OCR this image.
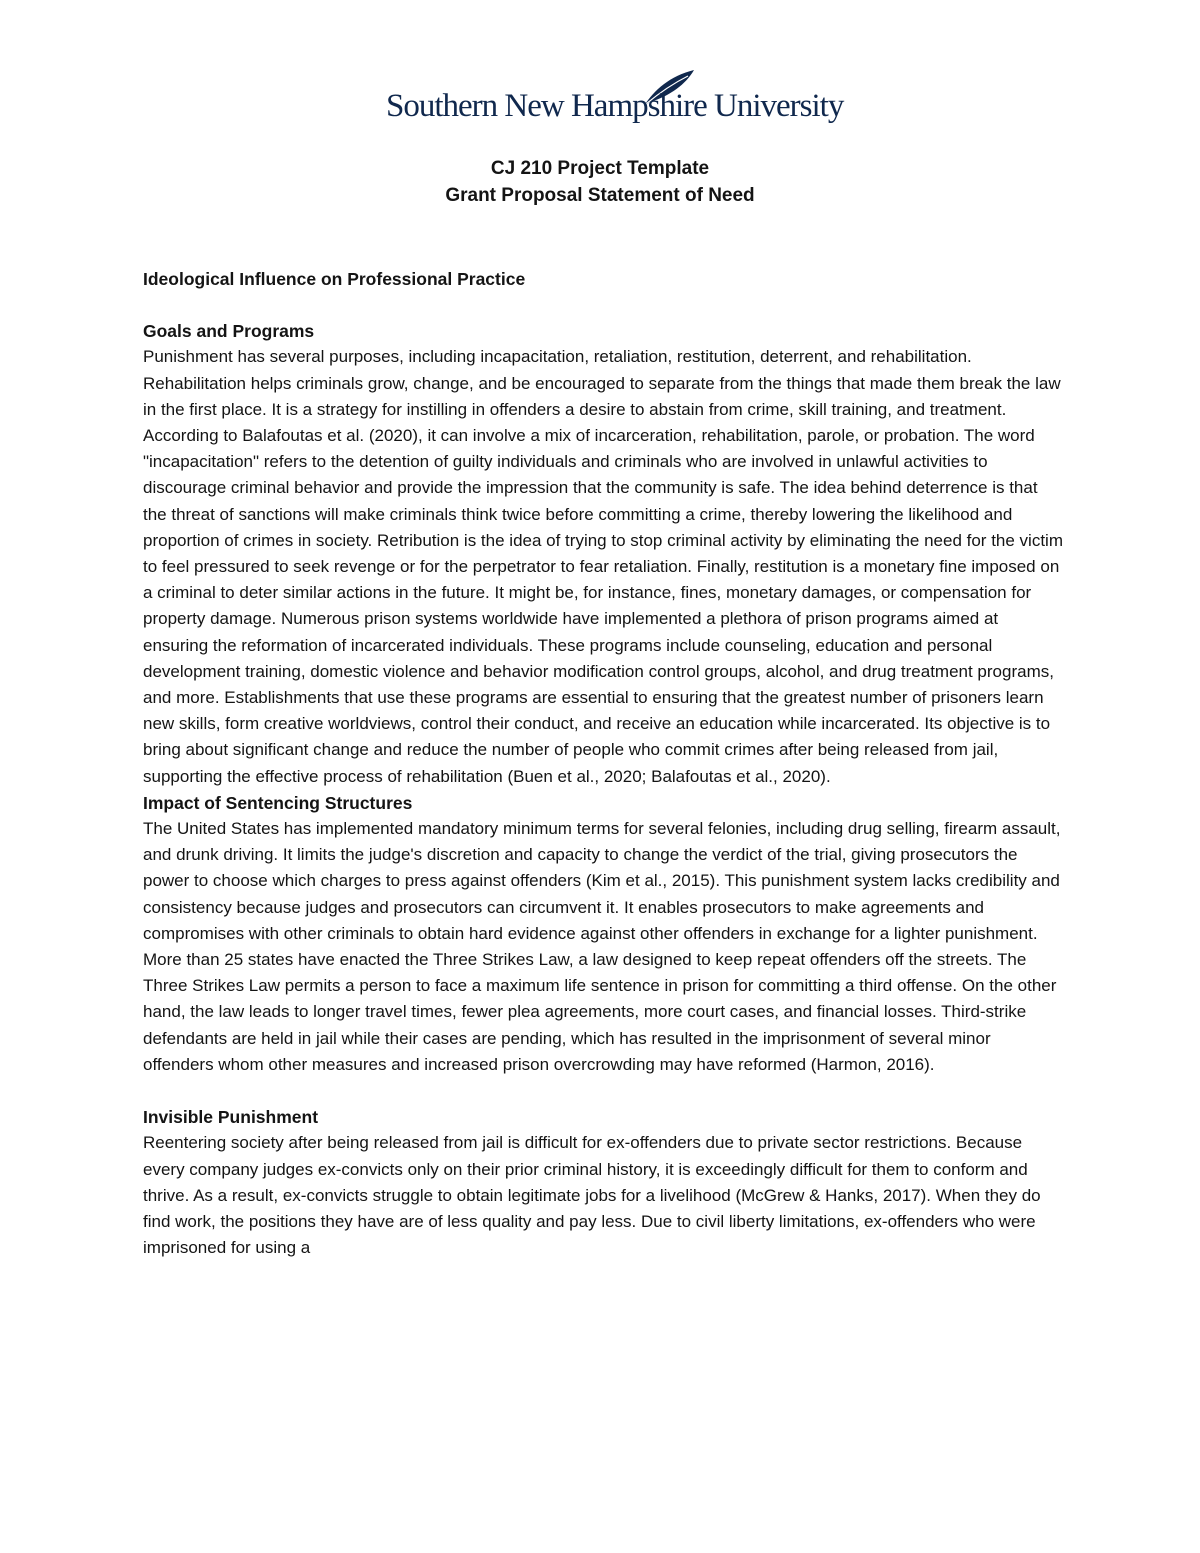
Southern New Hampshire University
CJ 210 Project Template
Grant Proposal Statement of Need

Ideological Influence on Professional Practice

Goals and Programs

Punishment has several purposes, including incapacitation, retaliation, restitution, deterrent, and rehabilitation. Rehabilitation helps criminals grow, change, and be encouraged to separate from the things that made them break the law in the first place. It is a strategy for instilling in offenders a desire to abstain from crime, skill training, and treatment. According to Balafoutas et al. (2020), it can involve a mix of incarceration, rehabilitation, parole, or probation. The word "incapacitation" refers to the detention of guilty individuals and criminals who are involved in unlawful activities to discourage criminal behavior and provide the impression that the community is safe. The idea behind deterrence is that the threat of sanctions will make criminals think twice before committing a crime, thereby lowering the likelihood and proportion of crimes in society. Retribution is the idea of trying to stop criminal activity by eliminating the need for the victim to feel pressured to seek revenge or for the perpetrator to fear retaliation. Finally, restitution is a monetary fine imposed on a criminal to deter similar actions in the future. It might be, for instance, fines, monetary damages, or compensation for property damage. Numerous prison systems worldwide have implemented a plethora of prison programs aimed at ensuring the reformation of incarcerated individuals. These programs include counseling, education and personal development training, domestic violence and behavior modification control groups, alcohol, and drug treatment programs, and more. Establishments that use these programs are essential to ensuring that the greatest number of prisoners learn new skills, form creative worldviews, control their conduct, and receive an education while incarcerated. Its objective is to bring about significant change and reduce the number of people who commit crimes after being released from jail, supporting the effective process of rehabilitation (Buen et al., 2020; Balafoutas et al., 2020).

Impact of Sentencing Structures

The United States has implemented mandatory minimum terms for several felonies, including drug selling, firearm assault, and drunk driving. It limits the judge's discretion and capacity to change the verdict of the trial, giving prosecutors the power to choose which charges to press against offenders (Kim et al., 2015). This punishment system lacks credibility and consistency because judges and prosecutors can circumvent it. It enables prosecutors to make agreements and compromises with other criminals to obtain hard evidence against other offenders in exchange for a lighter punishment. More than 25 states have enacted the Three Strikes Law, a law designed to keep repeat offenders off the streets. The Three Strikes Law permits a person to face a maximum life sentence in prison for committing a third offense. On the other hand, the law leads to longer travel times, fewer plea agreements, more court cases, and financial losses. Third-strike defendants are held in jail while their cases are pending, which has resulted in the imprisonment of several minor offenders whom other measures and increased prison overcrowding may have reformed (Harmon, 2016).

Invisible Punishment

Reentering society after being released from jail is difficult for ex-offenders due to private sector restrictions. Because every company judges ex-convicts only on their prior criminal history, it is exceedingly difficult for them to conform and thrive. As a result, ex-convicts struggle to obtain legitimate jobs for a livelihood (McGrew & Hanks, 2017). When they do find work, the positions they have are of less quality and pay less. Due to civil liberty limitations, ex-offenders who were imprisoned for using a
